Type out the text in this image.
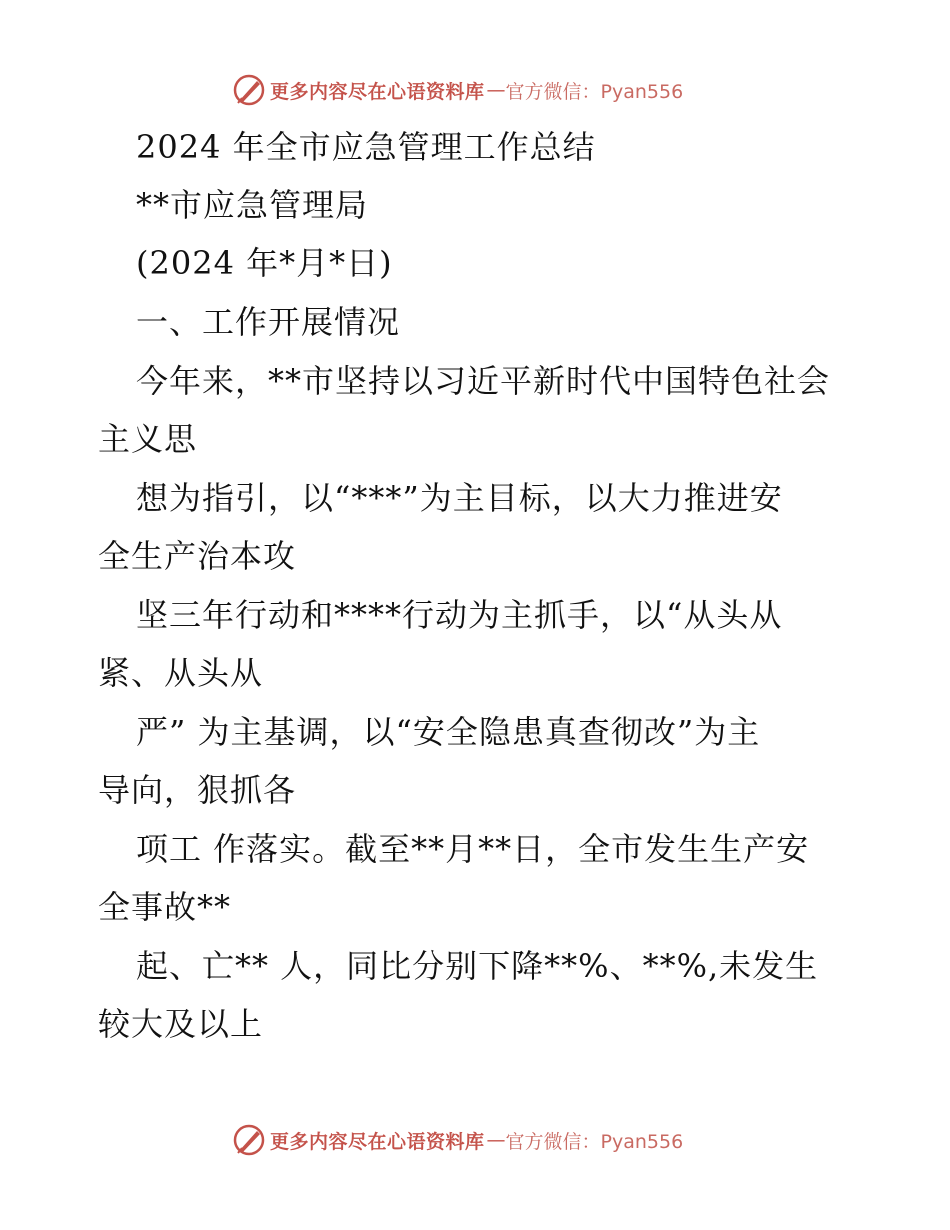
更多内容尽在心语资料库 — 官方微信：Pyan556

2024 年全市应急管理工作总结

**市应急管理局

(2024 年*月*日)

一、工作开展情况

今年来，**市坚持以习近平新时代中国特色社会

主义思

想为指引，以“***”为主目标，以大力推进安

全生产治本攻

坚三年行动和****行动为主抓手，以“从头从

紧、从头从

严” 为主基调，以“安全隐患真查彻改”为主

导向，狠抓各

项工 作落实。截至**月**日，全市发生生产安

全事故**

起、亡** 人，同比分别下降**%、**%,未发生

较大及以上

更多内容尽在心语资料库 — 官方微信：Pyan556
